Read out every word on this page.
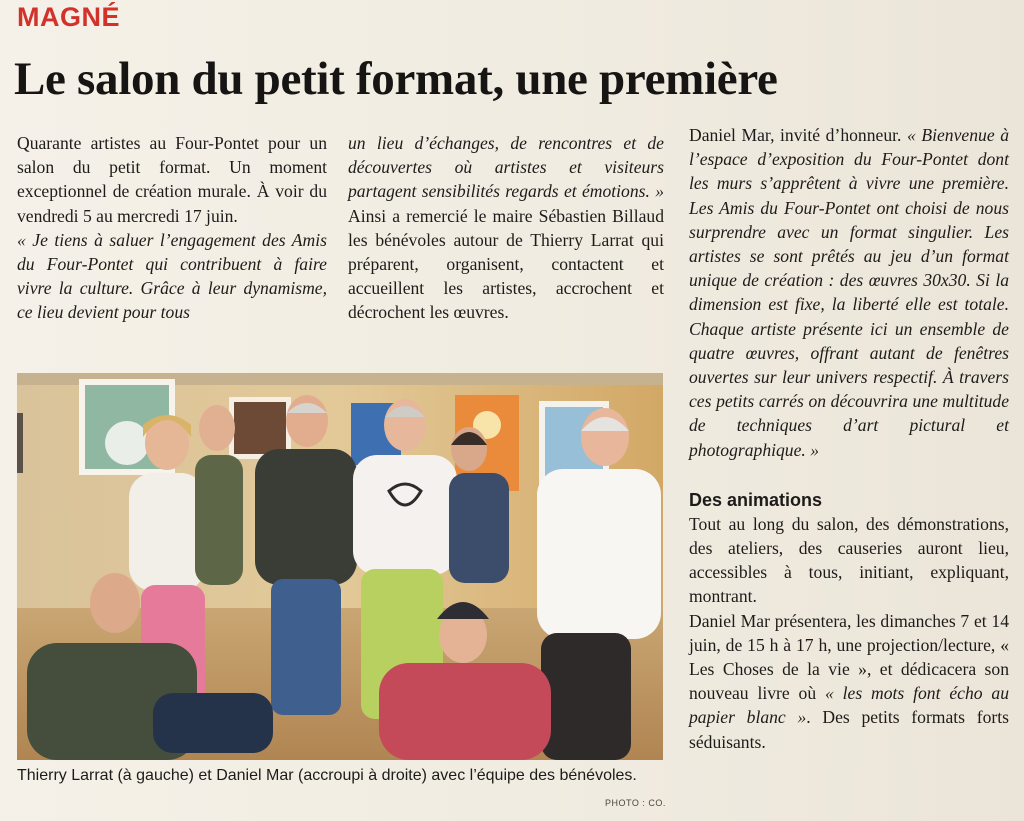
MAGNÉ
Le salon du petit format, une première

Quarante artistes au Four-Pontet pour un salon du petit format. Un moment exceptionnel de création murale. À voir du vendredi 5 au mercredi 17 juin.

« Je tiens à saluer l’engagement des Amis du Four-Pontet qui contribuent à faire vivre la culture. Grâce à leur dynamisme, ce lieu devient pour tous

un lieu d’échanges, de rencontres et de découvertes où artistes et visiteurs partagent sensibilités regards et émotions. » Ainsi a remercié le maire Sébastien Billaud les bénévoles autour de Thierry Larrat qui préparent, organisent, contactent et accueillent les artistes, accrochent et décrochent les œuvres.

Thierry Larrat (à gauche) et Daniel Mar (accroupi à droite) avec l’équipe des bénévoles.
PHOTO : CO.

Daniel Mar, invité d’honneur. « Bienvenue à l’espace d’exposition du Four-Pontet dont les murs s’apprêtent à vivre une première. Les Amis du Four-Pontet ont choisi de nous surprendre avec un format singulier. Les artistes se sont prêtés au jeu d’un format unique de création : des œuvres 30x30. Si la dimension est fixe, la liberté elle est totale. Chaque artiste présente ici un ensemble de quatre œuvres, offrant autant de fenêtres ouvertes sur leur univers respectif. À travers ces petits carrés on découvrira une multitude de techniques d’art pictural et photographique. »

Des animations

Tout au long du salon, des démonstrations, des ateliers, des causeries auront lieu, accessibles à tous, initiant, expliquant, montrant.

Daniel Mar présentera, les dimanches 7 et 14 juin, de 15 h à 17 h, une projection/lecture, « Les Choses de la vie », et dédicacera son nouveau livre où « les mots font écho au papier blanc ». Des petits formats forts séduisants.
